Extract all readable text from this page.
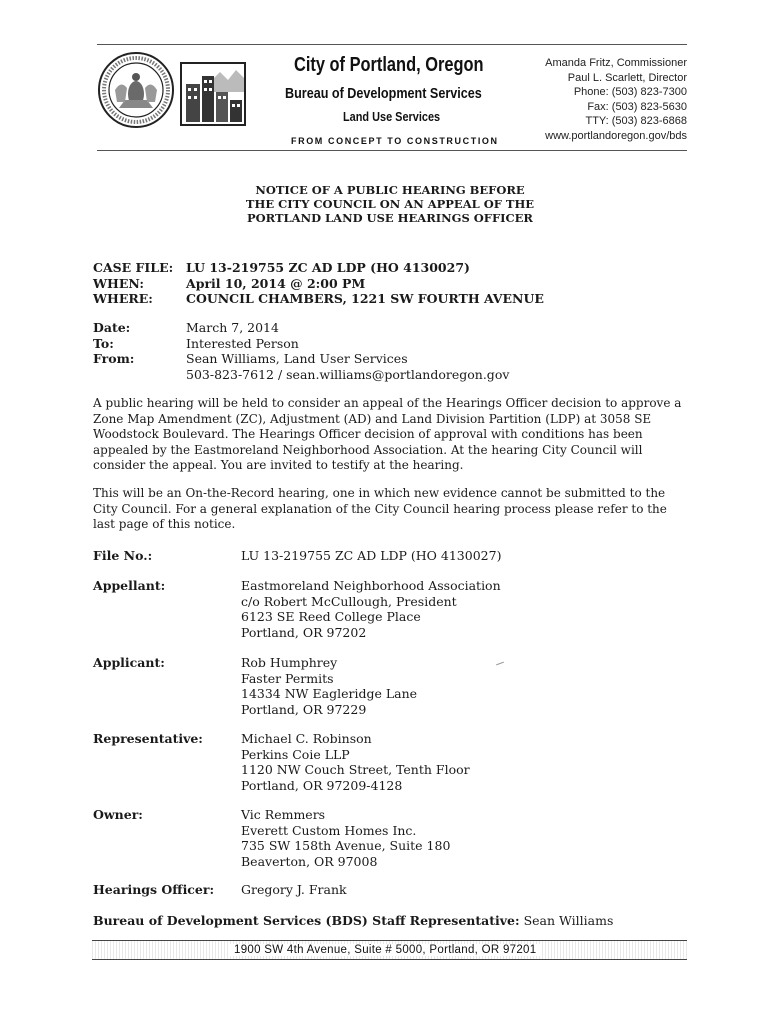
City of Portland, Oregon
Bureau of Development Services
Land Use Services
FROM CONCEPT TO CONSTRUCTION
Amanda Fritz, Commissioner
Paul L. Scarlett, Director
Phone: (503) 823-7300
Fax: (503) 823-5630
TTY: (503) 823-6868
www.portlandoregon.gov/bds
NOTICE OF A PUBLIC HEARING BEFORE
THE CITY COUNCIL ON AN APPEAL OF THE
PORTLAND LAND USE HEARINGS OFFICER
CASE FILE: LU 13-219755 ZC AD LDP (HO 4130027)
WHEN:	April 10, 2014 @ 2:00 PM
WHERE:	COUNCIL CHAMBERS, 1221 SW FOURTH AVENUE
Date:	March 7, 2014
To:	Interested Person
From:	Sean Williams, Land User Services
503-823-7612 / sean.williams@portlandoregon.gov
A public hearing will be held to consider an appeal of the Hearings Officer decision to approve a
Zone Map Amendment (ZC), Adjustment (AD) and Land Division Partition (LDP) at 3058 SE
Woodstock Boulevard. The Hearings Officer decision of approval with conditions has been
appealed by the Eastmoreland Neighborhood Association. At the hearing City Council will
consider the appeal. You are invited to testify at the hearing.
This will be an On-the-Record hearing, one in which new evidence cannot be submitted to the
City Council. For a general explanation of the City Council hearing process please refer to the
last page of this notice.
File No.:	LU 13-219755 ZC AD LDP (HO 4130027)
Appellant:	Eastmoreland Neighborhood Association
c/o Robert McCullough, President
6123 SE Reed College Place
Portland, OR 97202
Applicant:	Rob Humphrey
Faster Permits
14334 NW Eagleridge Lane
Portland, OR 97229
Representative:	Michael C. Robinson
Perkins Coie LLP
1120 NW Couch Street, Tenth Floor
Portland, OR 97209-4128
Owner:	Vic Remmers
Everett Custom Homes Inc.
735 SW 158th Avenue, Suite 180
Beaverton, OR 97008
Hearings Officer: Gregory J. Frank
Bureau of Development Services (BDS) Staff Representative: Sean Williams
1900 SW 4th Avenue, Suite # 5000, Portland, OR 97201
